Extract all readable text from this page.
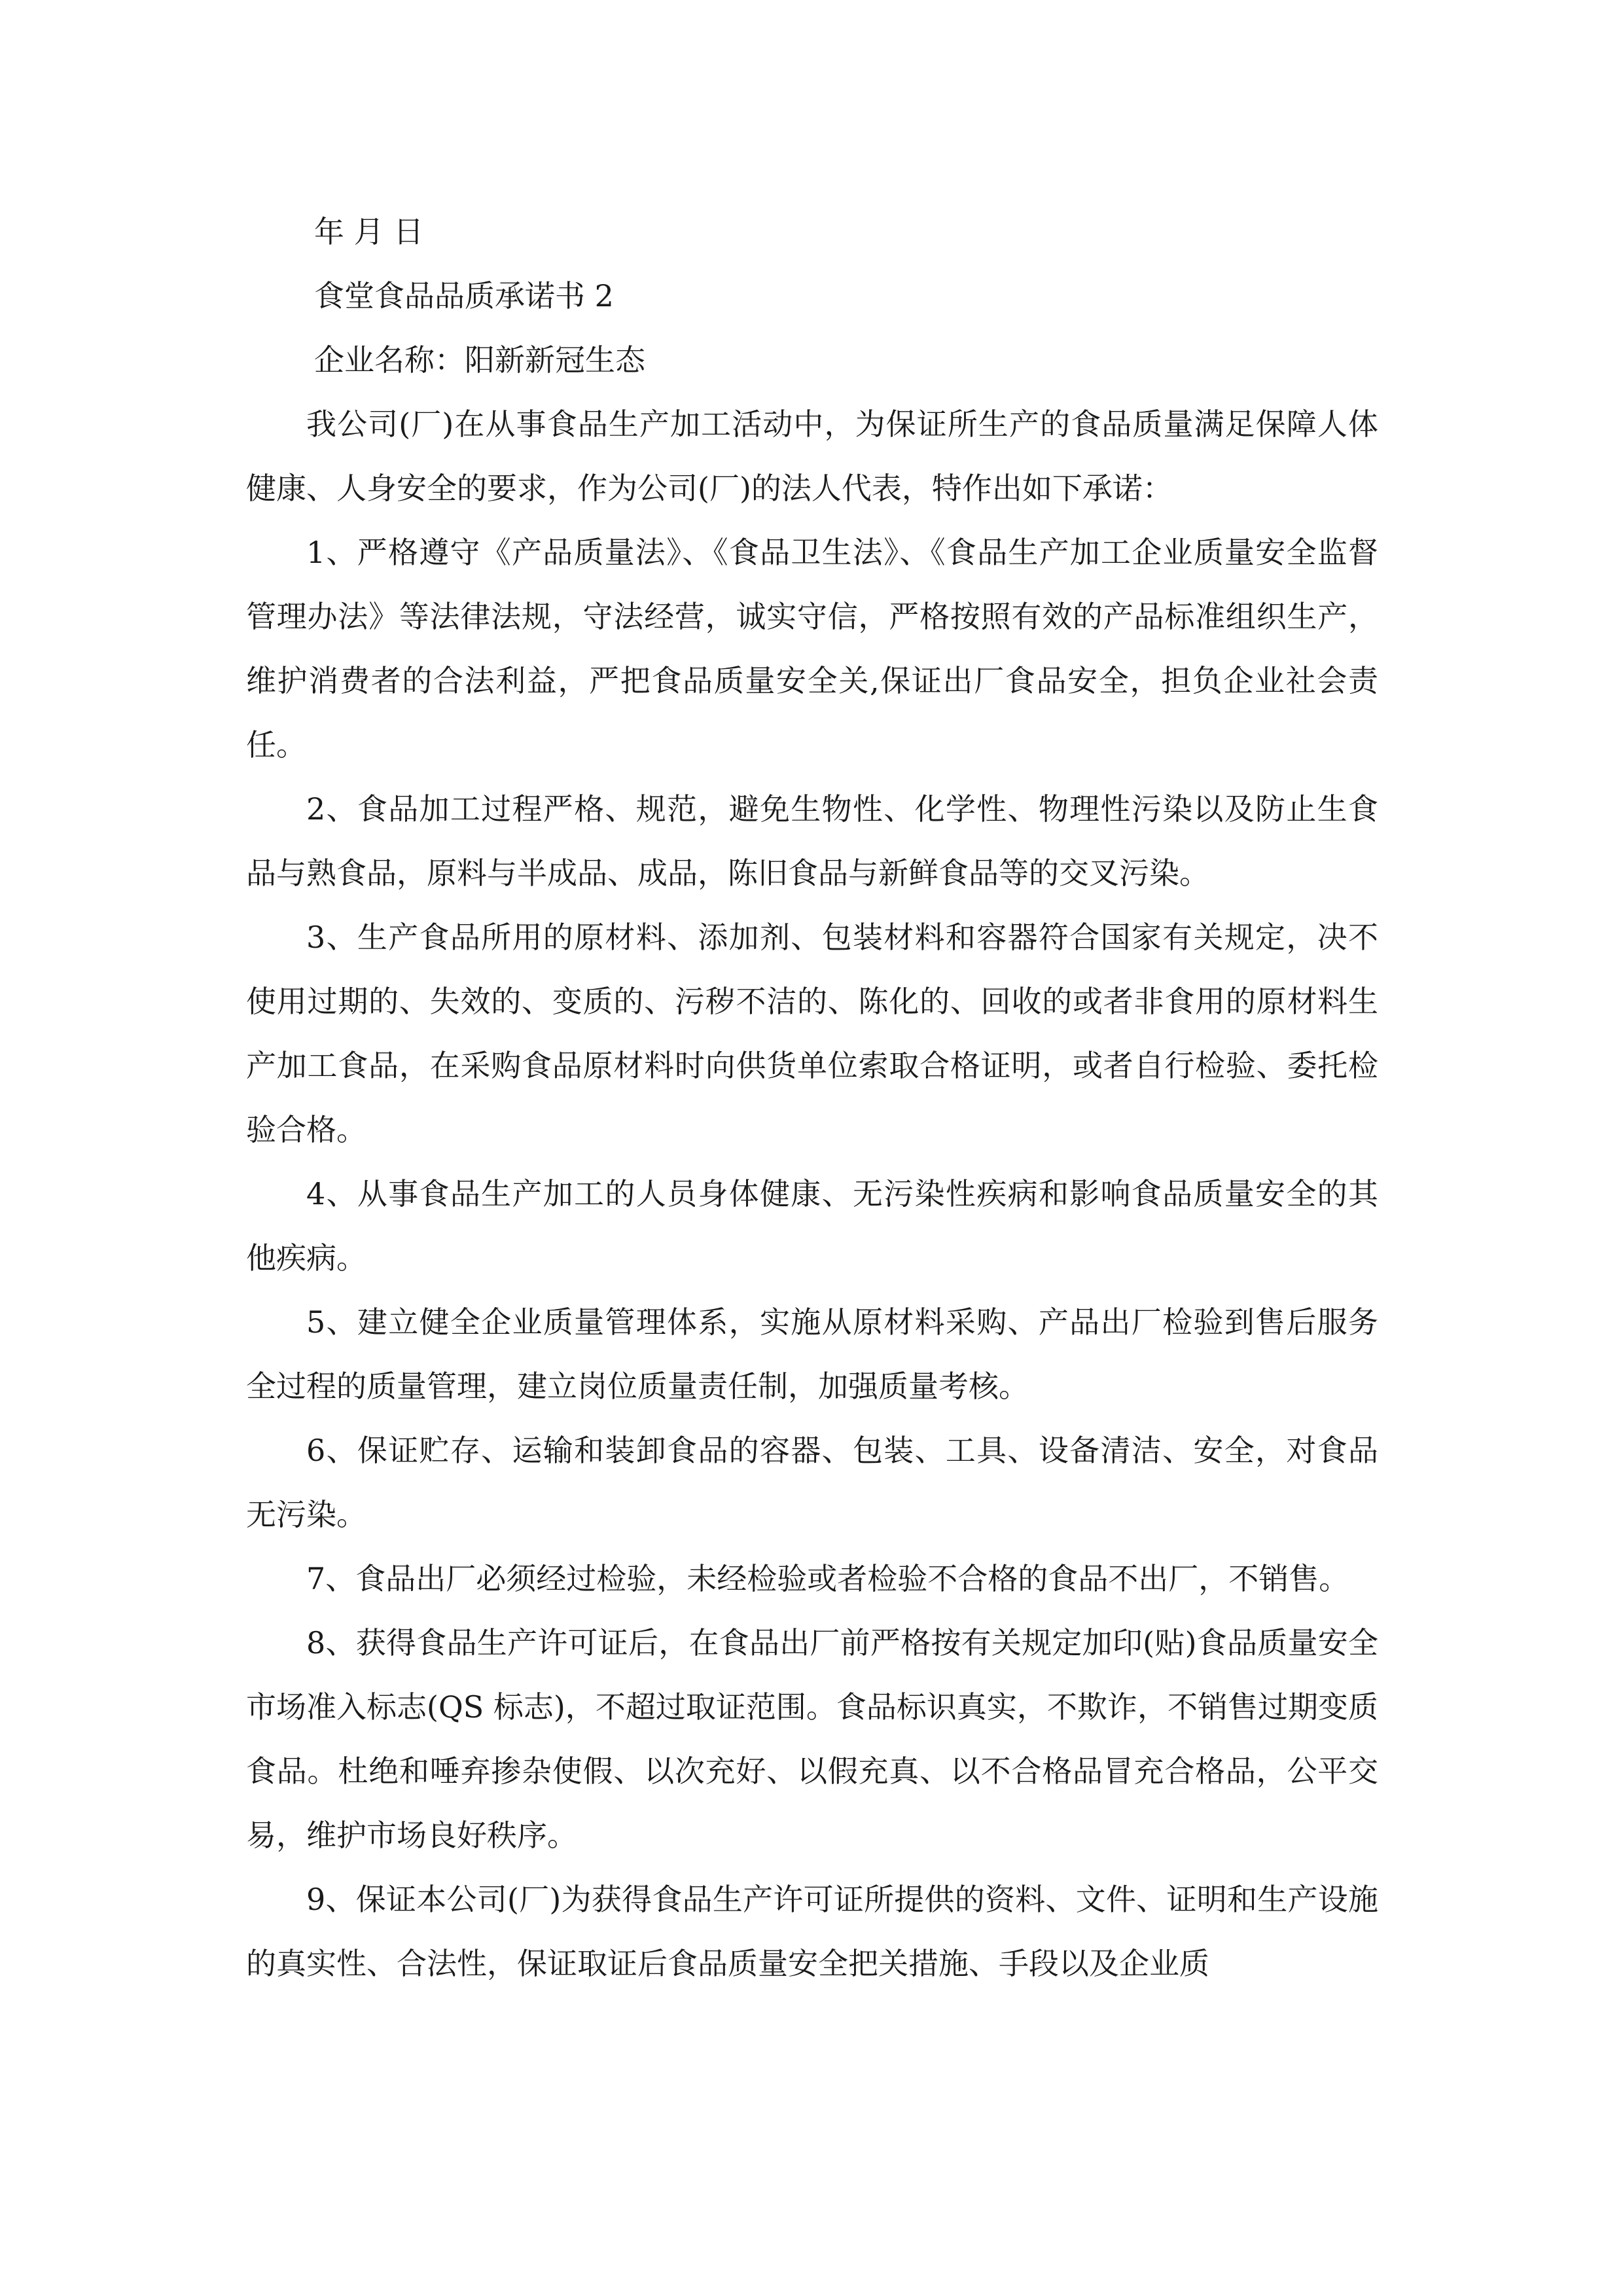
年 月 日

食堂食品品质承诺书 2

企业名称：阳新新冠生态

我公司(厂)在从事食品生产加工活动中，为保证所生产的食品质量满足保障人体健康、人身安全的要求，作为公司(厂)的法人代表，特作出如下承诺：

1、严格遵守《产品质量法》、《食品卫生法》、《食品生产加工企业质量安全监督管理办法》等法律法规，守法经营，诚实守信，严格按照有效的产品标准组织生产，维护消费者的合法利益，严把食品质量安全关,保证出厂食品安全，担负企业社会责任。

2、食品加工过程严格、规范，避免生物性、化学性、物理性污染以及防止生食品与熟食品，原料与半成品、成品，陈旧食品与新鲜食品等的交叉污染。

3、生产食品所用的原材料、添加剂、包装材料和容器符合国家有关规定，决不使用过期的、失效的、变质的、污秽不洁的、陈化的、回收的或者非食用的原材料生产加工食品，在采购食品原材料时向供货单位索取合格证明，或者自行检验、委托检验合格。

4、从事食品生产加工的人员身体健康、无污染性疾病和影响食品质量安全的其他疾病。

5、建立健全企业质量管理体系，实施从原材料采购、产品出厂检验到售后服务全过程的质量管理，建立岗位质量责任制，加强质量考核。

6、保证贮存、运输和装卸食品的容器、包装、工具、设备清洁、安全，对食品无污染。

7、食品出厂必须经过检验，未经检验或者检验不合格的食品不出厂，不销售。

8、获得食品生产许可证后，在食品出厂前严格按有关规定加印(贴)食品质量安全市场准入标志(QS 标志)，不超过取证范围。食品标识真实，不欺诈，不销售过期变质食品。杜绝和唾弃掺杂使假、以次充好、以假充真、以不合格品冒充合格品，公平交易，维护市场良好秩序。

9、保证本公司(厂)为获得食品生产许可证所提供的资料、文件、证明和生产设施的真实性、合法性，保证取证后食品质量安全把关措施、手段以及企业质
